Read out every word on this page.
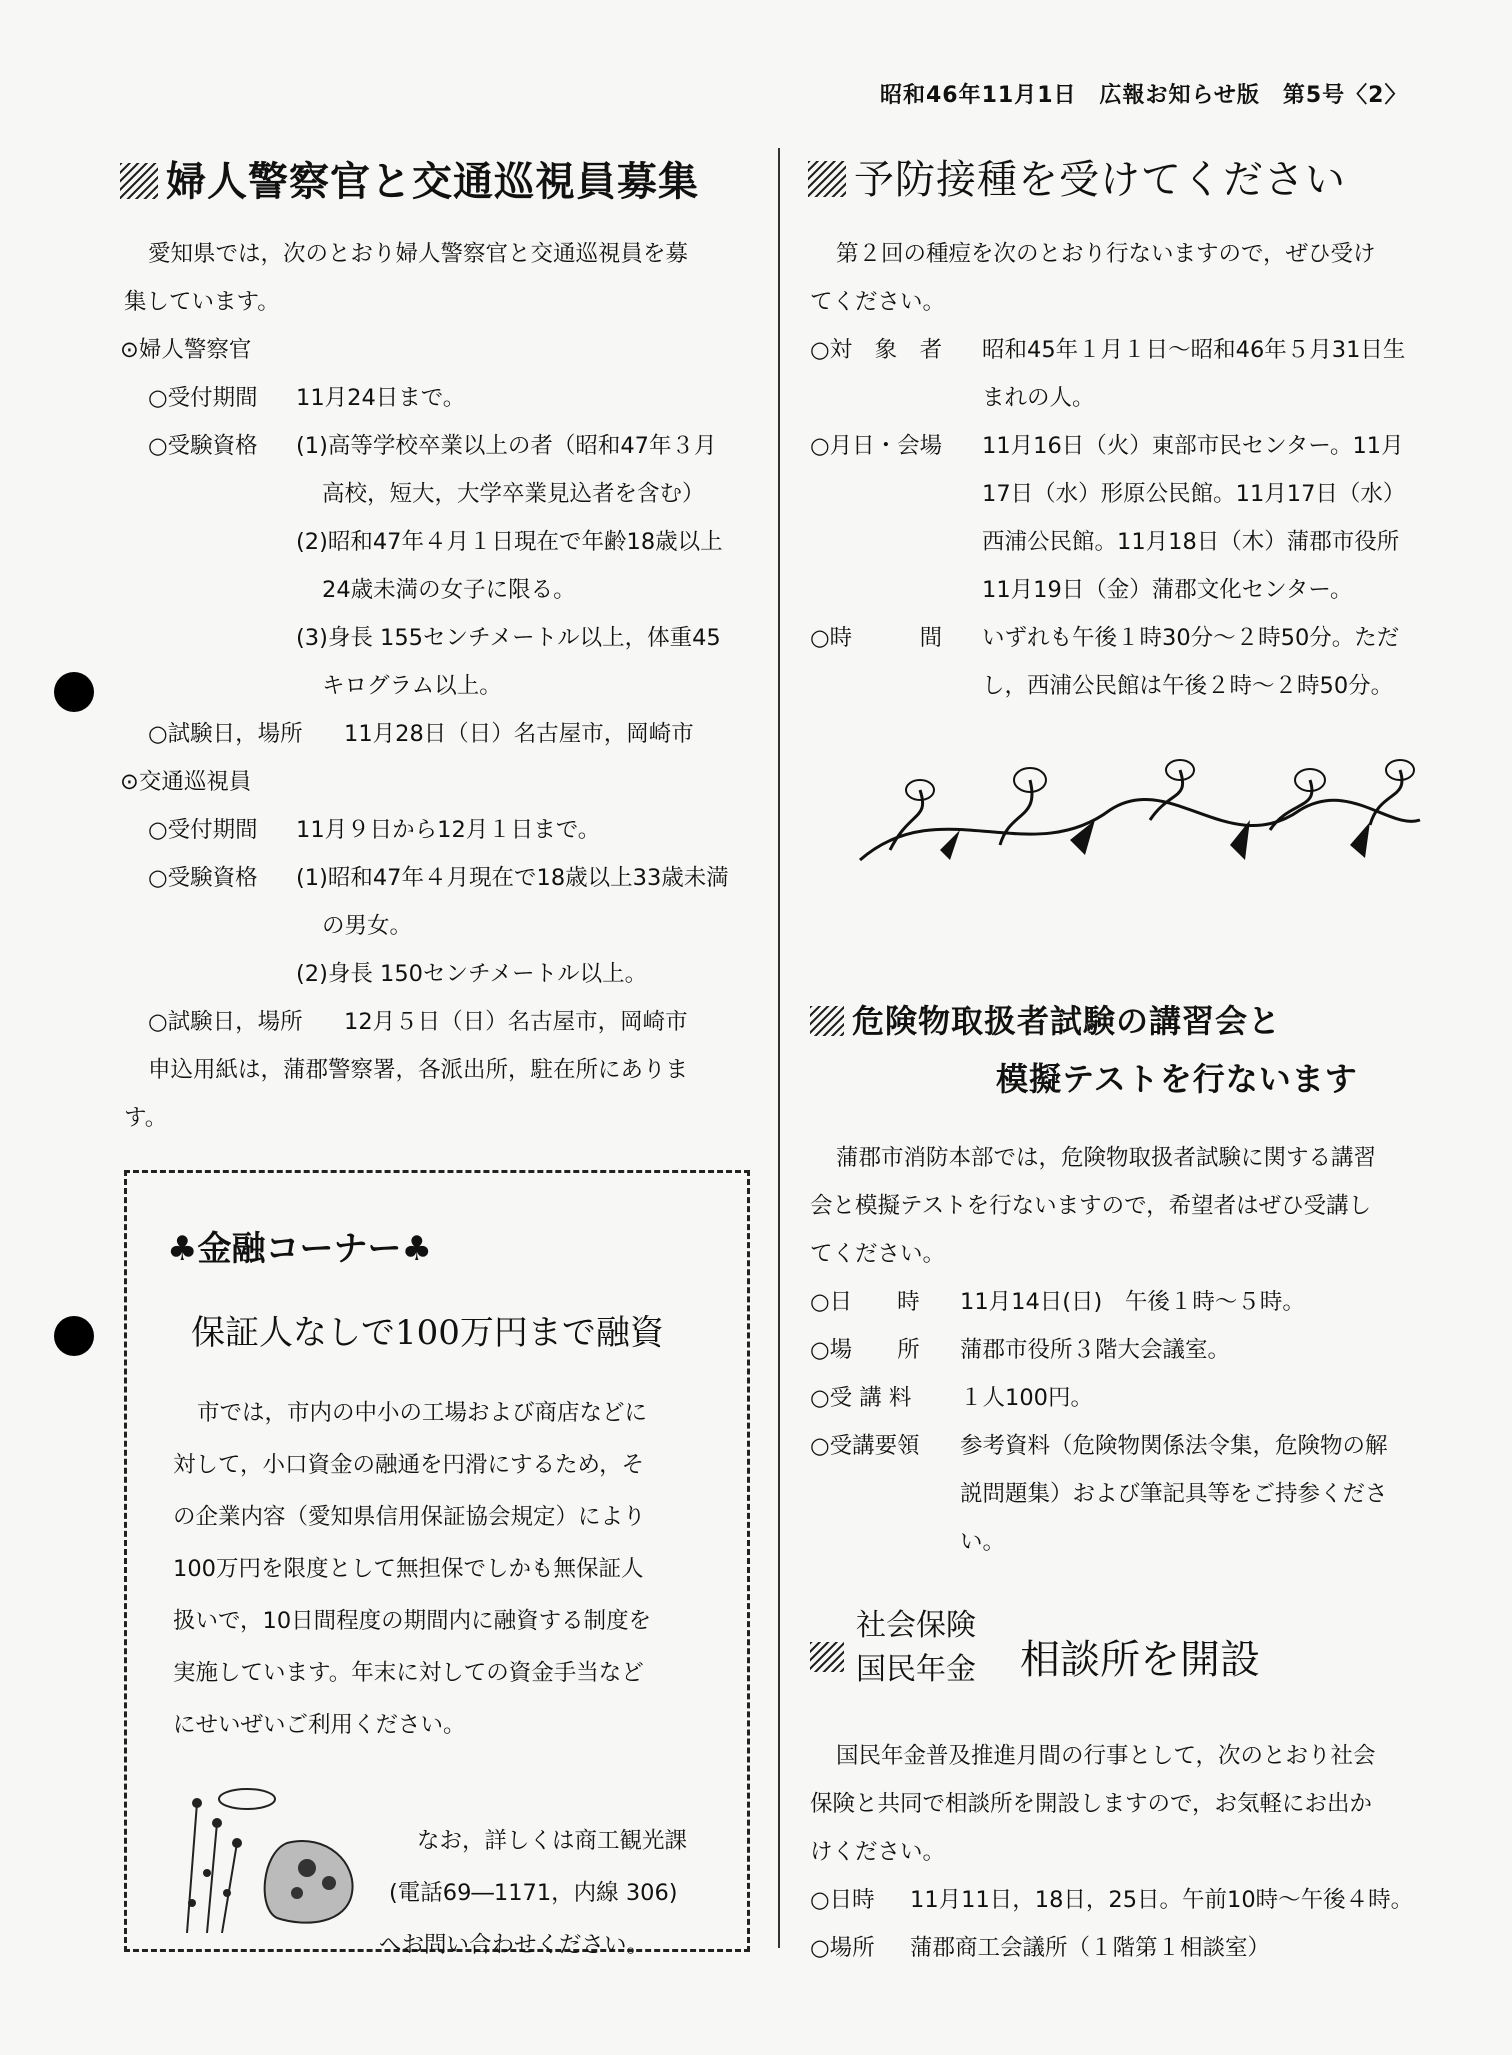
昭和46年11月1日　広報お知らせ版　第5号〈2〉
婦人警察官と交通巡視員募集
愛知県では，次のとおり婦人警察官と交通巡視員を募
集しています。
⊙婦人警察官
○受付期間 11月24日まで。
○受験資格 (1)高等学校卒業以上の者（昭和47年３月
高校，短大，大学卒業見込者を含む）
(2)昭和47年４月１日現在で年齢18歳以上
24歳未満の女子に限る。
(3)身長 155センチメートル以上，体重45
キログラム以上。
○試験日，場所 11月28日（日）名古屋市，岡崎市
⊙交通巡視員
○受付期間 11月９日から12月１日まで。
○受験資格 (1)昭和47年４月現在で18歳以上33歳未満
の男女。
(2)身長 150センチメートル以上。
○試験日，場所 12月５日（日）名古屋市，岡崎市
申込用紙は，蒲郡警察署，各派出所，駐在所にありま
す。
♣金融コーナー♣
保証人なしで100万円まで融資
市では，市内の中小の工場および商店などに
対して，小口資金の融通を円滑にするため，そ
の企業内容（愛知県信用保証協会規定）により
100万円を限度として無担保でしかも無保証人
扱いで，10日間程度の期間内に融資する制度を
実施しています。年末に対しての資金手当など
にせいぜいご利用ください。
なお，詳しくは商工観光課
(電話69―1171，内線 306)
へお問い合わせください。
予防接種を受けてください
第２回の種痘を次のとおり行ないますので，ぜひ受け
てください。
○対　象　者 昭和45年１月１日～昭和46年５月31日生
まれの人。
○月日・会場 11月16日（火）東部市民センター。11月
17日（水）形原公民館。11月17日（水）
西浦公民館。11月18日（木）蒲郡市役所
11月19日（金）蒲郡文化センター。
○時　　　間 いずれも午後１時30分～２時50分。ただ
し，西浦公民館は午後２時～２時50分。
危険物取扱者試験の講習会と
模擬テストを行ないます
蒲郡市消防本部では，危険物取扱者試験に関する講習
会と模擬テストを行ないますので，希望者はぜひ受講し
てください。
○日　　時 11月14日(日)　午後１時～５時。
○場　　所 蒲郡市役所３階大会議室。
○受 講 料 １人100円。
○受講要領 参考資料（危険物関係法令集，危険物の解
説問題集）および筆記具等をご持参くださ
い。
社会保険
国民年金 相談所を開設
国民年金普及推進月間の行事として，次のとおり社会
保険と共同で相談所を開設しますので，お気軽にお出か
けください。
○日時 11月11日，18日，25日。午前10時～午後４時。
○場所 蒲郡商工会議所（１階第１相談室）
